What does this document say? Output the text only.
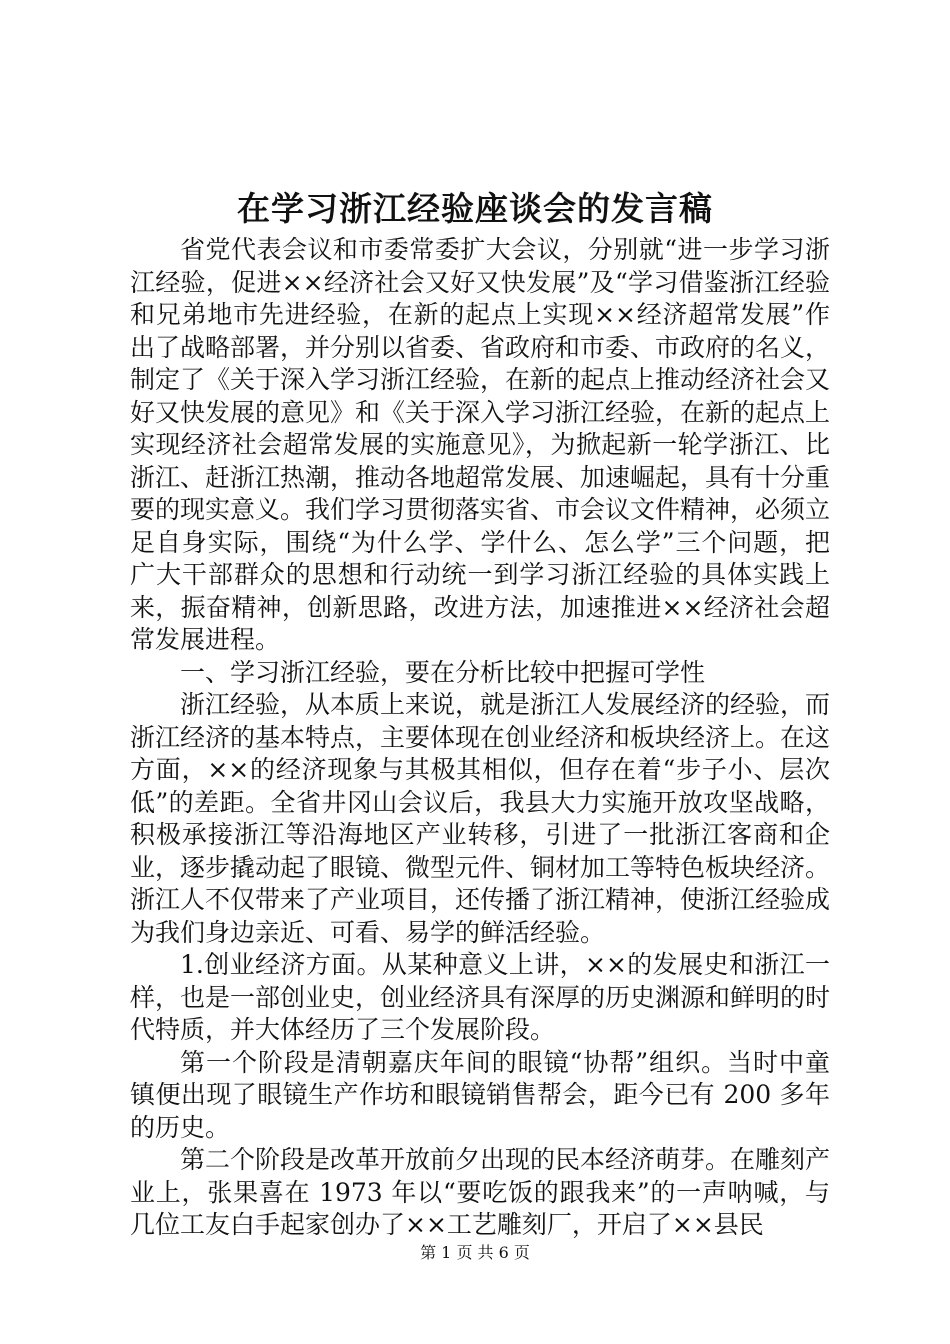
在学习浙江经验座谈会的发言稿

省党代表会议和市委常委扩大会议，分别就“进一步学习浙江经验，促进××经济社会又好又快发展”及“学习借鉴浙江经验和兄弟地市先进经验，在新的起点上实现××经济超常发展”作出了战略部署，并分别以省委、省政府和市委、市政府的名义，制定了《关于深入学习浙江经验，在新的起点上推动经济社会又好又快发展的意见》和《关于深入学习浙江经验，在新的起点上实现经济社会超常发展的实施意见》，为掀起新一轮学浙江、比浙江、赶浙江热潮，推动各地超常发展、加速崛起，具有十分重要的现实意义。我们学习贯彻落实省、市会议文件精神，必须立足自身实际，围绕“为什么学、学什么、怎么学”三个问题，把广大干部群众的思想和行动统一到学习浙江经验的具体实践上来，振奋精神，创新思路，改进方法，加速推进××经济社会超常发展进程。

一、学习浙江经验，要在分析比较中把握可学性

浙江经验，从本质上来说，就是浙江人发展经济的经验，而浙江经济的基本特点，主要体现在创业经济和板块经济上。在这方面，××的经济现象与其极其相似，但存在着“步子小、层次低”的差距。全省井冈山会议后，我县大力实施开放攻坚战略，积极承接浙江等沿海地区产业转移，引进了一批浙江客商和企业，逐步撬动起了眼镜、微型元件、铜材加工等特色板块经济。浙江人不仅带来了产业项目，还传播了浙江精神，使浙江经验成为我们身边亲近、可看、易学的鲜活经验。

1.创业经济方面。从某种意义上讲，××的发展史和浙江一样，也是一部创业史，创业经济具有深厚的历史渊源和鲜明的时代特质，并大体经历了三个发展阶段。

第一个阶段是清朝嘉庆年间的眼镜“协帮”组织。当时中童镇便出现了眼镜生产作坊和眼镜销售帮会，距今已有 200 多年的历史。

第二个阶段是改革开放前夕出现的民本经济萌芽。在雕刻产业上，张果喜在 1973 年以“要吃饭的跟我来”的一声呐喊，与几位工友白手起家创办了××工艺雕刻厂，开启了××县民

第 1 页 共 6 页
